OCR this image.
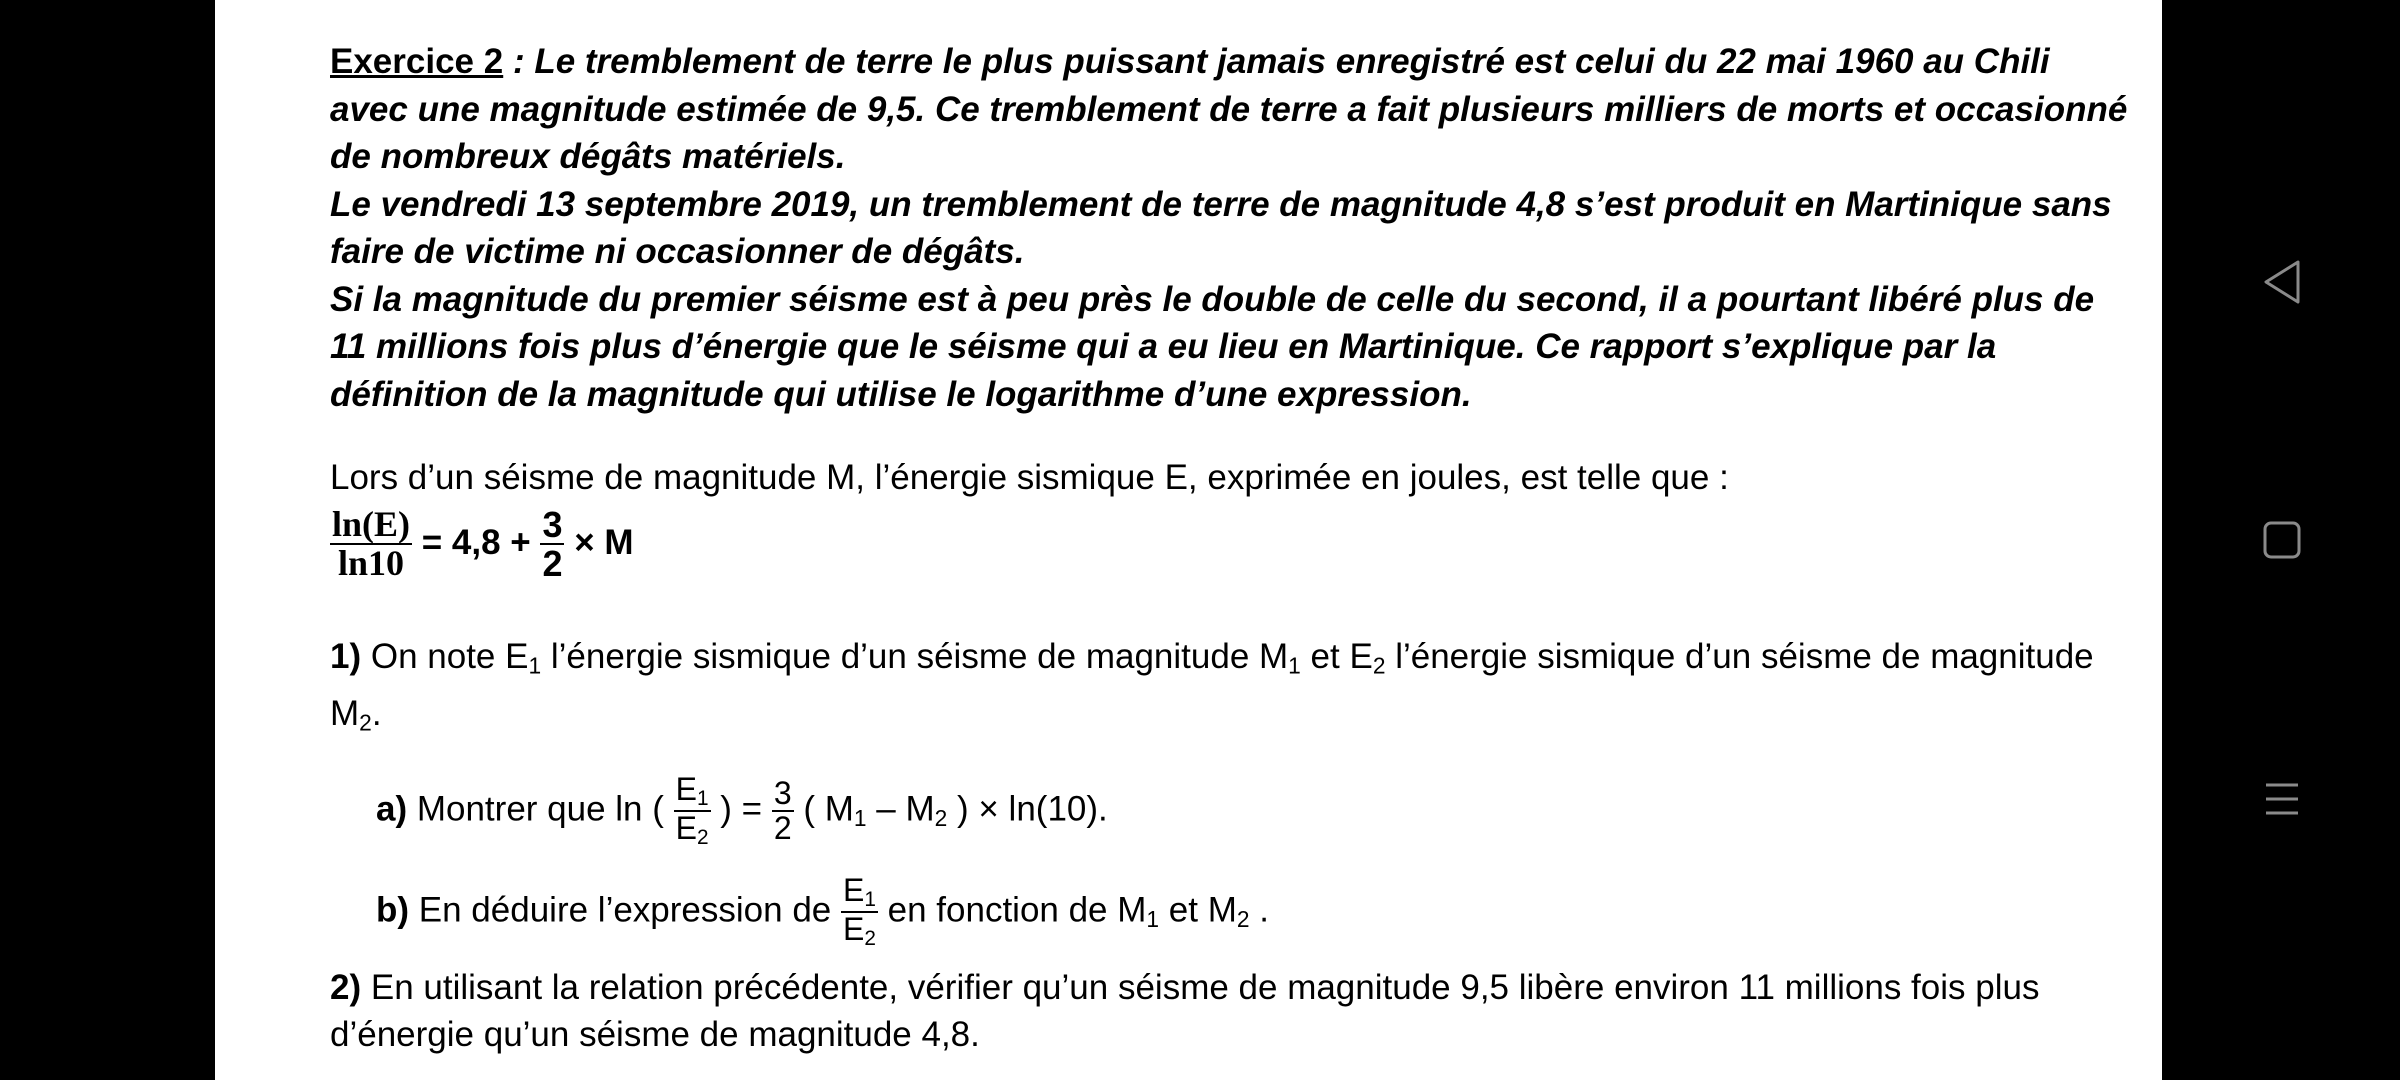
Exercice 2 : Le tremblement de terre le plus puissant jamais enregistré est celui du 22 mai 1960 au Chili avec une magnitude estimée de 9,5. Ce tremblement de terre a fait plusieurs milliers de morts et occasionné de nombreux dégâts matériels.

Le vendredi 13 septembre 2019, un tremblement de terre de magnitude 4,8 s’est produit en Martinique sans faire de victime ni occasionner de dégâts.

Si la magnitude du premier séisme est à peu près le double de celle du second, il a pourtant libéré plus de 11 millions fois plus d’énergie que le séisme qui a eu lieu en Martinique. Ce rapport s’explique par la définition de la magnitude qui utilise le logarithme d’une expression.

Lors d’un séisme de magnitude M, l’énergie sismique E, exprimée en joules, est telle que :

$\frac{\ln(E)}{\ln 10} = 4,8 + \frac{3}{2} \times M$

1) On note $E_1$ l’énergie sismique d’un séisme de magnitude $M_1$ et $E_2$ l’énergie sismique d’un séisme de magnitude $M_2$.

a) Montrer que ln ( $\frac{E_1}{E_2}$ ) = $\frac{3}{2}$ ( $M_1 - M_2$ ) × ln(10).

b) En déduire l’expression de $\frac{E_1}{E_2}$ en fonction de $M_1$ et $M_2$ .

2) En utilisant la relation précédente, vérifier qu’un séisme de magnitude 9,5 libère environ 11 millions fois plus d’énergie qu’un séisme de magnitude 4,8.
